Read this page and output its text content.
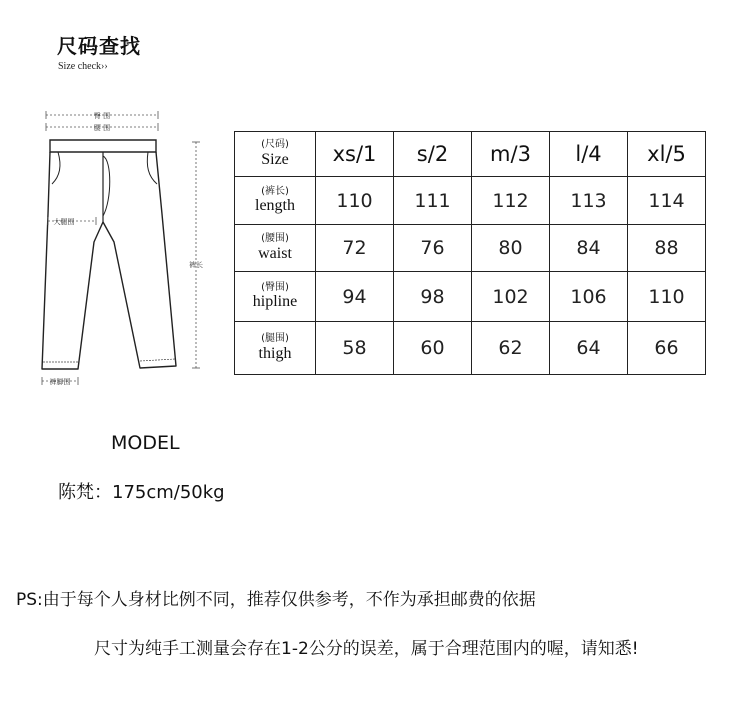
尺码查找
Size check››
臀 围
腰 围
大腿围
裤长
裤脚围
(尺码)
Size	xs/1	s/2	m/3	l/4	xl/5

(裤长)
length	110	111	112	113	114

(腰围)
waist	72	76	80	84	88

(臀围)
hipline	94	98	102	106	110

(腿围)
thigh	58	60	62	64	66
MODEL
陈梵：175cm/50kg
PS:由于每个人身材比例不同，推荐仅供参考，不作为承担邮费的依据
尺寸为纯手工测量会存在1-2公分的误差，属于合理范围内的喔，请知悉!
